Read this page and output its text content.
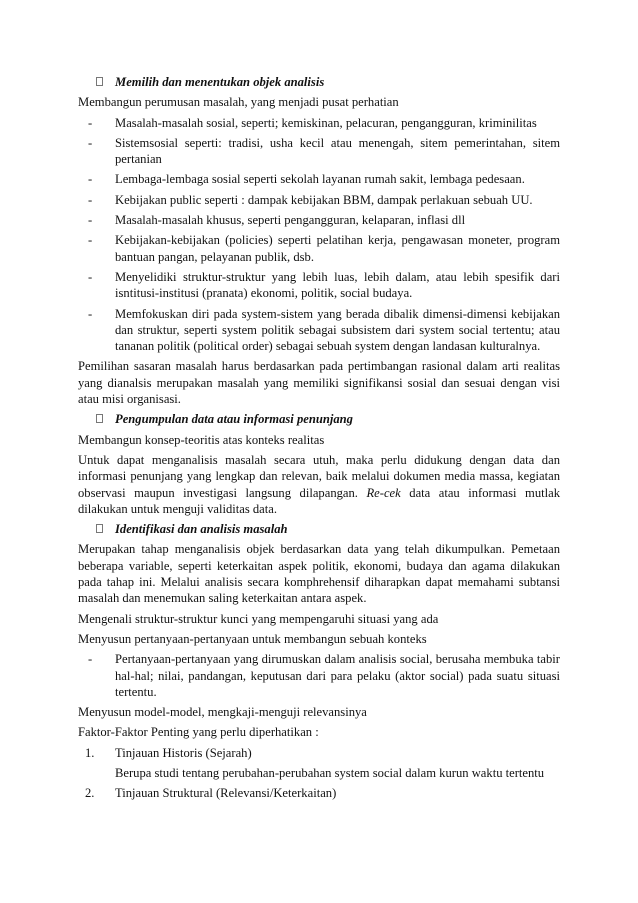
Memilih dan menentukan objek analisis
Membangun perumusan masalah, yang menjadi pusat perhatian
- Masalah-masalah sosial, seperti; kemiskinan, pelacuran, pengangguran, kriminilitas
- Sistemsosial seperti: tradisi, usha kecil atau menengah, sitem pemerintahan, sitem pertanian
- Lembaga-lembaga sosial seperti sekolah layanan rumah sakit, lembaga pedesaan.
- Kebijakan public seperti : dampak kebijakan BBM, dampak perlakuan sebuah UU.
- Masalah-masalah khusus, seperti pengangguran, kelaparan, inflasi dll
- Kebijakan-kebijakan (policies) seperti pelatihan kerja, pengawasan moneter, program bantuan pangan, pelayanan publik, dsb.
- Menyelidiki struktur-struktur yang lebih luas, lebih dalam, atau lebih spesifik dari isntitusi-institusi (pranata) ekonomi, politik, social budaya.
- Memfokuskan diri pada system-sistem yang berada dibalik dimensi-dimensi kebijakan dan struktur, seperti system politik sebagai subsistem dari system social tertentu; atau tananan politik (political order) sebagai sebuah system dengan landasan kulturalnya.
Pemilihan sasaran masalah harus berdasarkan pada pertimbangan rasional dalam arti realitas yang dianalsis merupakan masalah yang memiliki signifikansi sosial dan sesuai dengan visi atau misi organisasi.
Pengumpulan data atau informasi penunjang
Membangun konsep-teoritis atas konteks realitas
Untuk dapat menganalisis masalah secara utuh, maka perlu didukung dengan data dan informasi penunjang yang lengkap dan relevan, baik melalui dokumen media massa, kegiatan observasi maupun investigasi langsung dilapangan. Re-cek data atau informasi mutlak dilakukan untuk menguji validitas data.
Identifikasi dan analisis masalah
Merupakan tahap menganalisis objek berdasarkan data yang telah dikumpulkan. Pemetaan beberapa variable, seperti keterkaitan aspek politik, ekonomi, budaya dan agama dilakukan pada tahap ini. Melalui analisis secara komphrehensif diharapkan dapat memahami subtansi masalah dan menemukan saling keterkaitan antara aspek.
Mengenali struktur-struktur kunci yang mempengaruhi situasi yang ada
Menyusun pertanyaan-pertanyaan untuk membangun sebuah konteks
- Pertanyaan-pertanyaan yang dirumuskan dalam analisis social, berusaha membuka tabir hal-hal; nilai, pandangan, keputusan dari para pelaku (aktor social) pada suatu situasi tertentu.
Menyusun model-model, mengkaji-menguji relevansinya
Faktor-Faktor Penting yang perlu diperhatikan :
1. Tinjauan Historis (Sejarah)
Berupa studi tentang perubahan-perubahan system social dalam kurun waktu tertentu
2. Tinjauan Struktural (Relevansi/Keterkaitan)
